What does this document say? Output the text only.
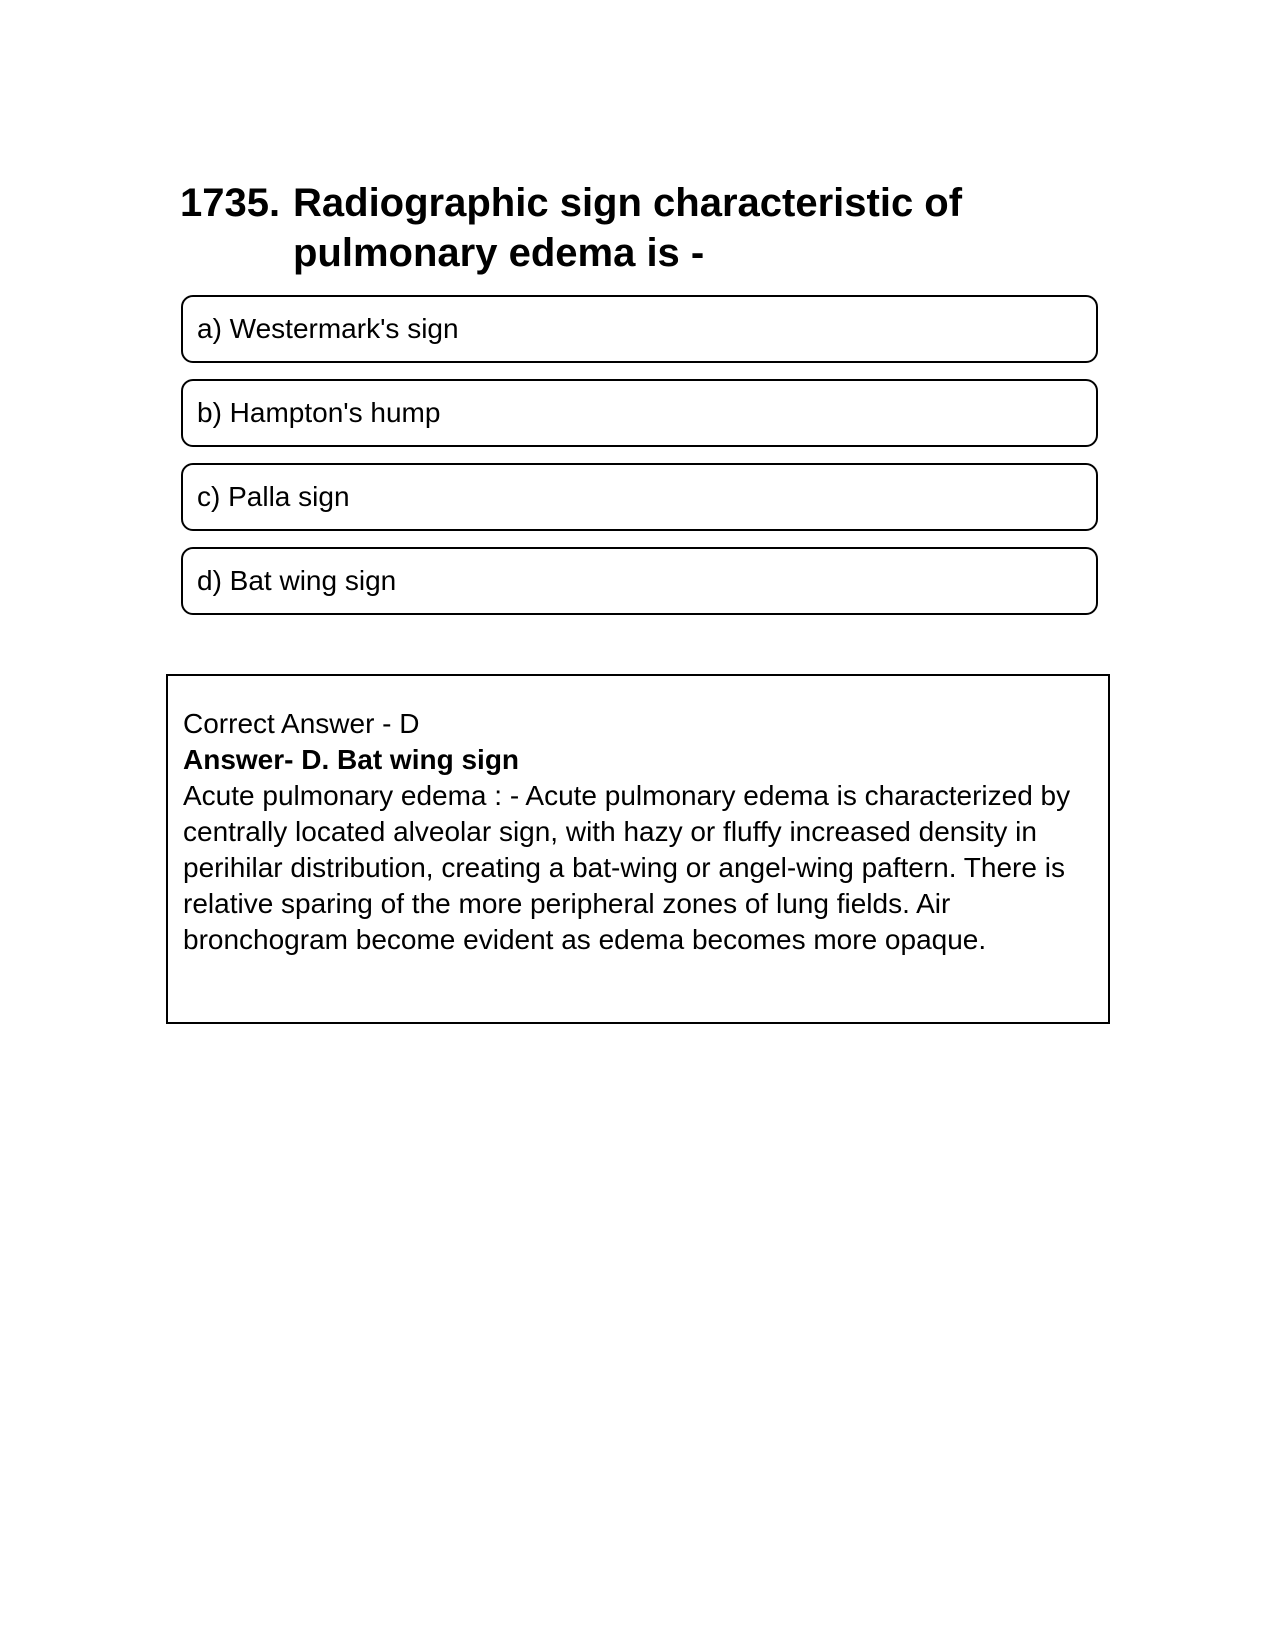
1735. Radiographic sign characteristic of pulmonary edema is -
a) Westermark's sign
b) Hampton's hump
c) Palla sign
d) Bat wing sign
Correct Answer - D
Answer- D. Bat wing sign
Acute pulmonary edema : - Acute pulmonary edema is characterized by centrally located alveolar sign, with hazy or fluffy increased density in perihilar distribution, creating a bat-wing or angel-wing paftern. There is relative sparing of the more peripheral zones of lung fields. Air bronchogram become evident as edema becomes more opaque.
